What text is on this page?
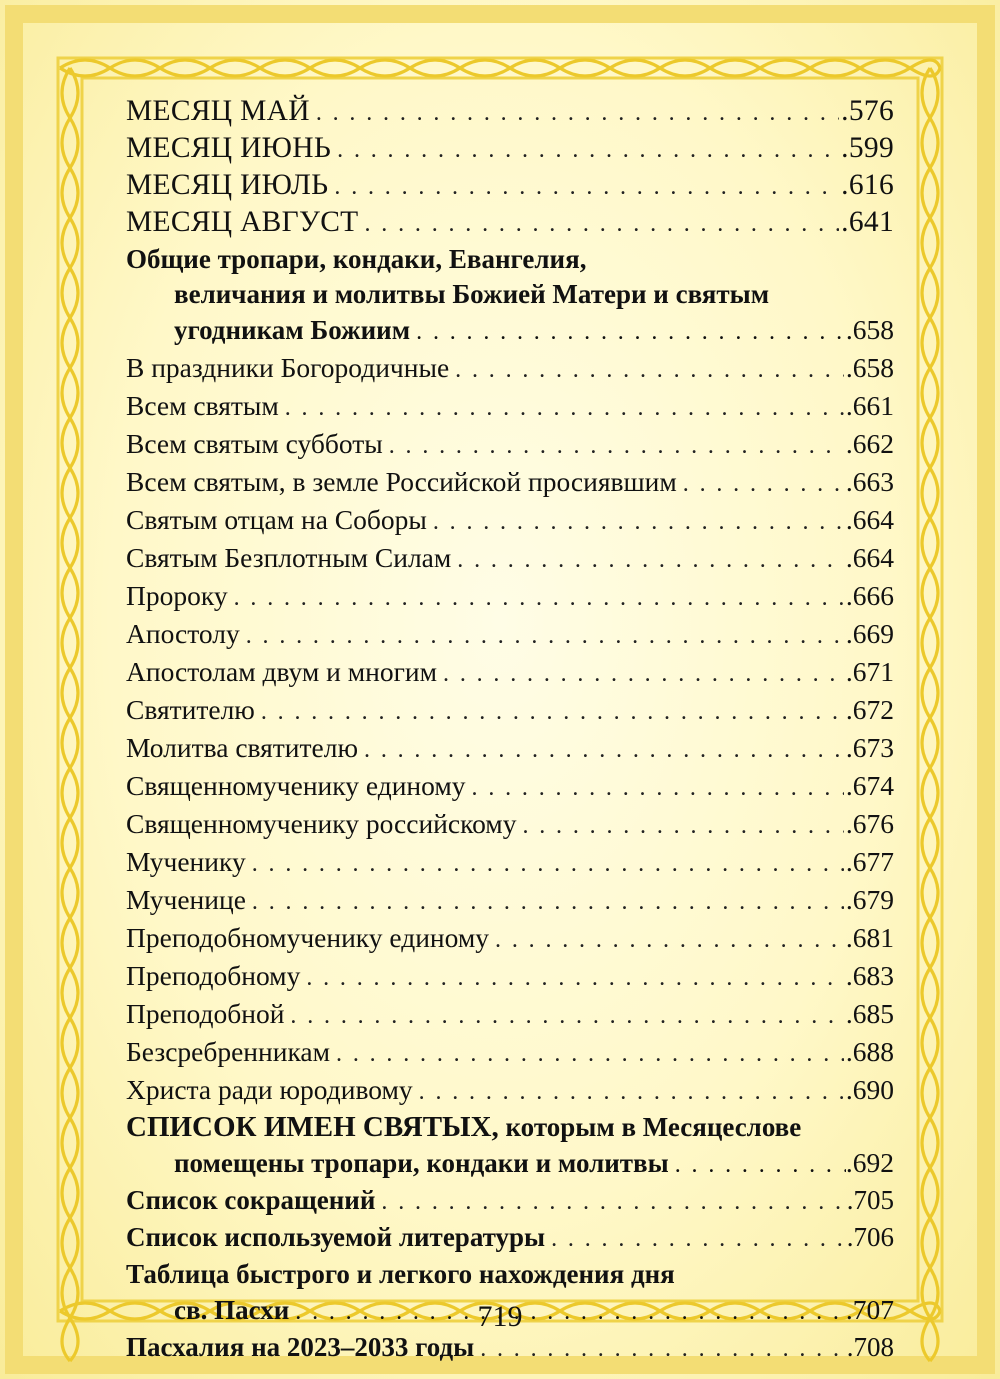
МЕСЯЦ МАЙ . . .	.576
МЕСЯЦ ИЮНЬ . . .	.599
МЕСЯЦ ИЮЛЬ . . .	.616
МЕСЯЦ АВГУСТ . . .	.641
Общие тропари, кондаки, Евангелия,
величания и молитвы Божией Матери и святым
угодникам Божиим . . .	.658
В праздники Богородичные . . .	.658
Всем святым . . .	.661
Всем святым субботы . . .	.662
Всем святым, в земле Российской просиявшим . . .	.663
Святым отцам на Соборы . . .	.664
Святым Безплотным Силам . . .	.664
Пророку . . .	.666
Апостолу . . .	.669
Апостолам двум и многим . . .	.671
Святителю . . .	.672
Молитва святителю . . .	.673
Священномученику единому . . .	.674
Священномученику российскому . . .	.676
Мученику . . .	.677
Мученице . . .	.679
Преподобномученику единому . . .	.681
Преподобному . . .	.683
Преподобной . . .	.685
Безсребренникам . . .	.688
Христа ради юродивому . . .	.690
СПИСОК ИМЕН СВЯТЫХ, которым в Месяцеслове
помещены тропари, кондаки и молитвы . . .	.692
Список сокращений . . .	.705
Список используемой литературы . . .	.706
Таблица быстрого и легкого нахождения дня
св. Пасхи . . .	.707
Пасхалия на 2023–2033 годы . . .	.708
719
